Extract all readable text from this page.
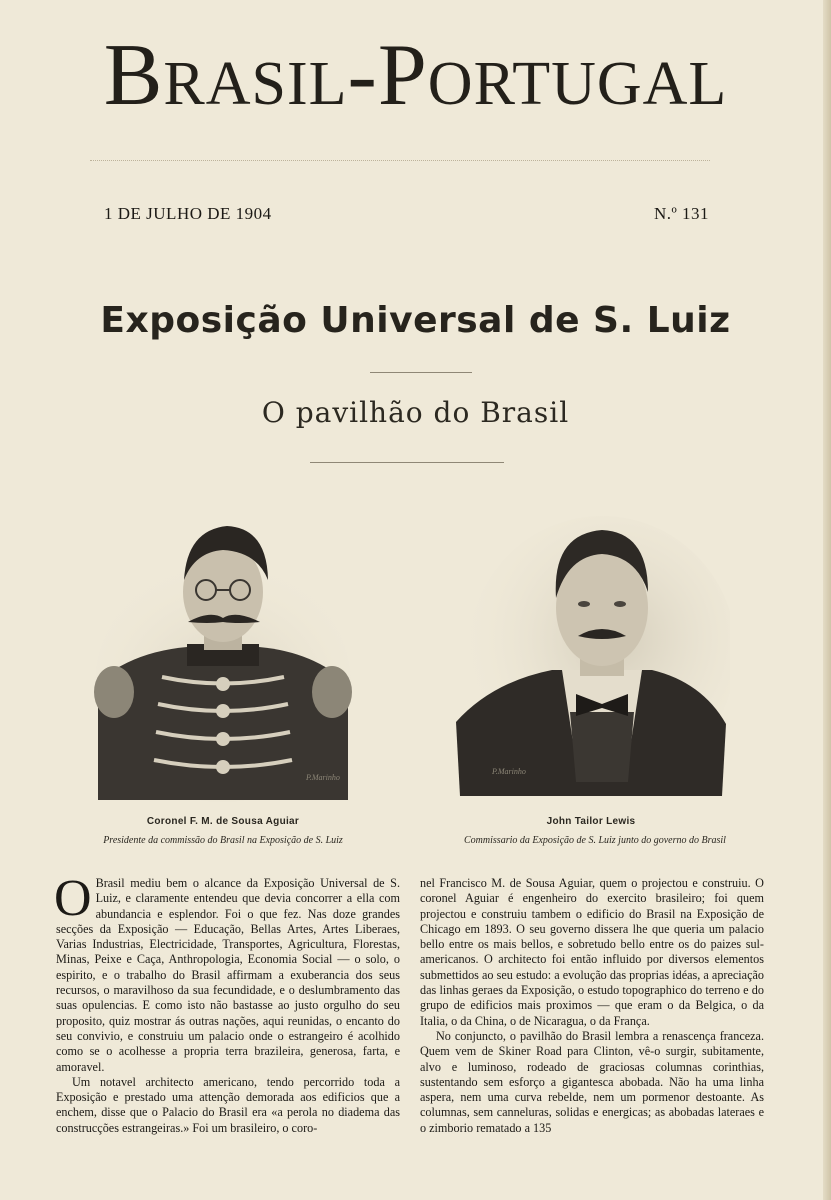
Brasil-Portugal
1 DE JULHO DE 1904	N.º 131
Exposição Universal de S. Luiz
O pavilhão do Brasil
P.Marinho
Coronel F. M. de Sousa Aguiar
Presidente da commissão do Brasil na Exposição de S. Luiz
P.Marinho
John Tailor Lewis
Commissario da Exposição de S. Luiz junto do governo do Brasil

O Brasil mediu bem o alcance da Exposição Universal de S. Luiz, e claramente entendeu que devia concorrer a ella com abundancia e esplendor. Foi o que fez. Nas doze grandes secções da Exposição — Educação, Bellas Artes, Artes Liberaes, Varias Industrias, Electricidade, Transportes, Agricultura, Florestas, Minas, Peixe e Caça, Anthropologia, Economia Social — o solo, o espirito, e o trabalho do Brasil affirmam a exuberancia dos seus recursos, o maravilhoso da sua fecundidade, e o deslumbramento das suas opulencias. E como isto não bastasse ao justo orgulho do seu proposito, quiz mostrar ás outras nações, aqui reunidas, o encanto do seu convivio, e construiu um palacio onde o estrangeiro é acolhido como se o acolhesse a propria terra brazileira, generosa, farta, e amoravel.

Um notavel architecto americano, tendo percorrido toda a Exposição e prestado uma attenção demorada aos edificios que a enchem, disse que o Palacio do Brasil era «a perola no diadema das construcções estrangeiras.» Foi um brasileiro, o coro-

nel Francisco M. de Sousa Aguiar, quem o projectou e construiu. O coronel Aguiar é engenheiro do exercito brasileiro; foi quem projectou e construiu tambem o edificio do Brasil na Exposição de Chicago em 1893. O seu governo dissera lhe que queria um palacio bello entre os mais bellos, e sobretudo bello entre os do paizes sul-americanos. O architecto foi então influido por diversos elementos submettidos ao seu estudo: a evolução das proprias idéas, a apreciação das linhas geraes da Exposição, o estudo topographico do terreno e do grupo de edificios mais proximos — que eram o da Belgica, o da Italia, o da China, o de Nicaragua, o da França.

No conjuncto, o pavilhão do Brasil lembra a renascença franceza. Quem vem de Skiner Road para Clinton, vê-o surgir, subitamente, alvo e luminoso, rodeado de graciosas columnas corinthias, sustentando sem esforço a gigantesca abobada. Não ha uma linha aspera, nem uma curva rebelde, nem um pormenor destoante. As columnas, sem canneluras, solidas e energicas; as abobadas lateraes e o zimborio rematado a 135
